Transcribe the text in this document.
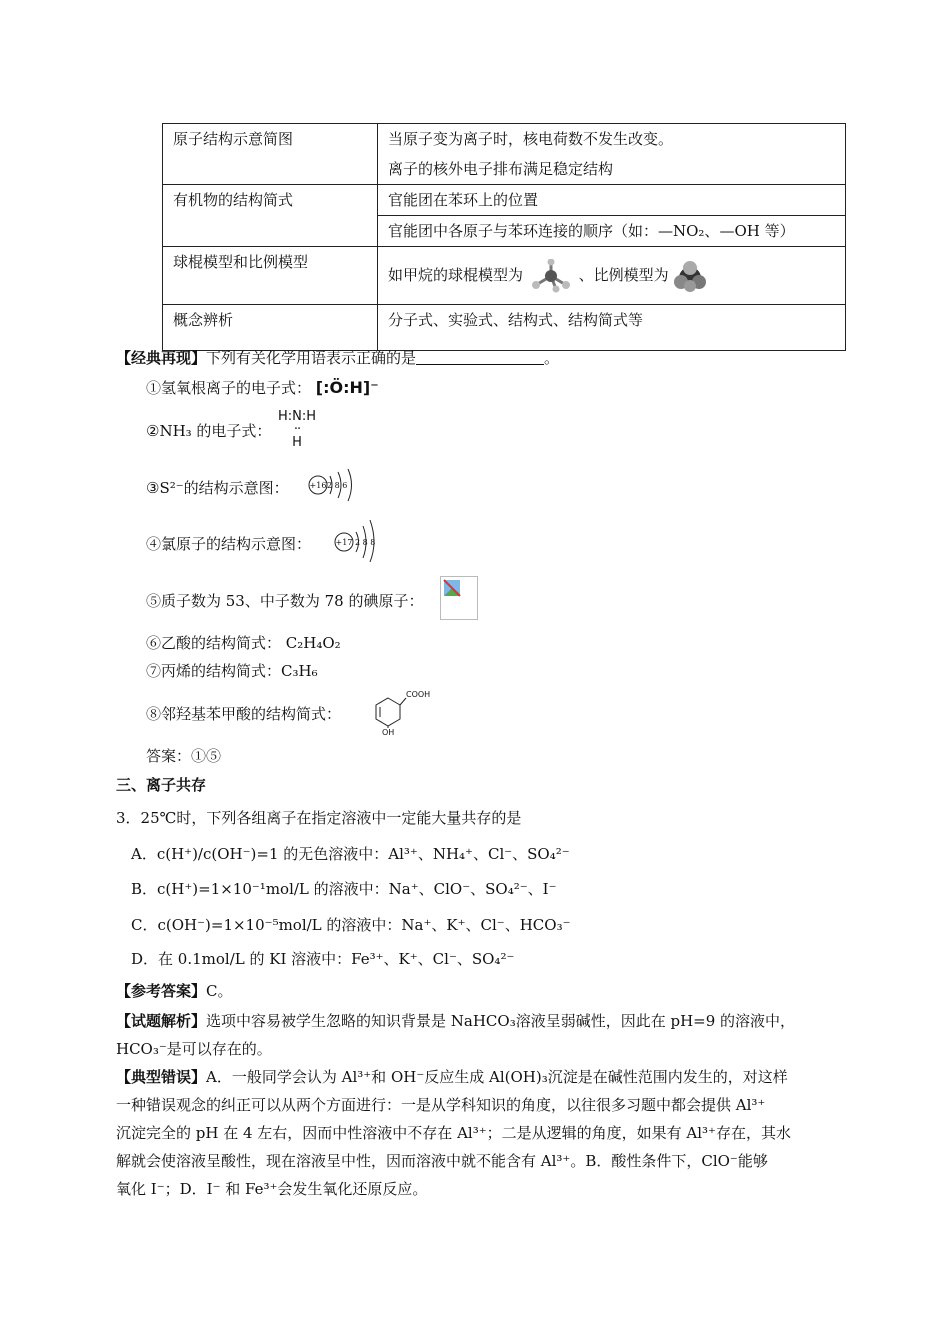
原子结构示意简图	当原子变为离子时，核电荷数不发生改变。
离子的核外电子排布满足稳定结构

有机物的结构简式	官能团在苯环上的位置
	官能团中各原子与苯环连接的顺序（如：—NO₂、—OH 等）
球棍模型和比例模型	如甲烷的球棍模型为 、比例模型为
概念辨析	分子式、实验式、结构式、结构简式等
【经典再现】下列有关化学用语表示正确的是	。
①氢氧根离子的电子式： [:Ö:H]⁻
②NH₃ 的电子式：
H:N:H
··
H
③S²⁻的结构示意图：	+16 2 8 6
④氯原子的结构示意图：	+17 2 8 8
⑤质子数为 53、中子数为 78 的碘原子：
⑥乙酸的结构简式： C₂H₄O₂
⑦丙烯的结构简式：C₃H₆
⑧邻羟基苯甲酸的结构简式：
COOH
OH
答案：①⑤
三、离子共存
3．25℃时，下列各组离子在指定溶液中一定能大量共存的是
A．c(H⁺)/c(OH⁻)=1 的无色溶液中：Al³⁺、NH₄⁺、Cl⁻、SO₄²⁻
B．c(H⁺)=1×10⁻¹mol/L 的溶液中：Na⁺、ClO⁻、SO₄²⁻、I⁻
C．c(OH⁻)=1×10⁻⁵mol/L 的溶液中：Na⁺、K⁺、Cl⁻、HCO₃⁻
D．在 0.1mol/L 的 KI 溶液中：Fe³⁺、K⁺、Cl⁻、SO₄²⁻
【参考答案】C。
【试题解析】选项中容易被学生忽略的知识背景是 NaHCO₃溶液呈弱碱性，因此在 pH=9 的溶液中，
HCO₃⁻是可以存在的。
【典型错误】A．一般同学会认为 Al³⁺和 OH⁻反应生成 Al(OH)₃沉淀是在碱性范围内发生的，对这样
一种错误观念的纠正可以从两个方面进行：一是从学科知识的角度，以往很多习题中都会提供 Al³⁺
沉淀完全的 pH 在 4 左右，因而中性溶液中不存在 Al³⁺；二是从逻辑的角度，如果有 Al³⁺存在，其水
解就会使溶液呈酸性，现在溶液呈中性，因而溶液中就不能含有 Al³⁺。B．酸性条件下，ClO⁻能够
氧化 I⁻；D．I⁻ 和 Fe³⁺会发生氧化还原反应。
